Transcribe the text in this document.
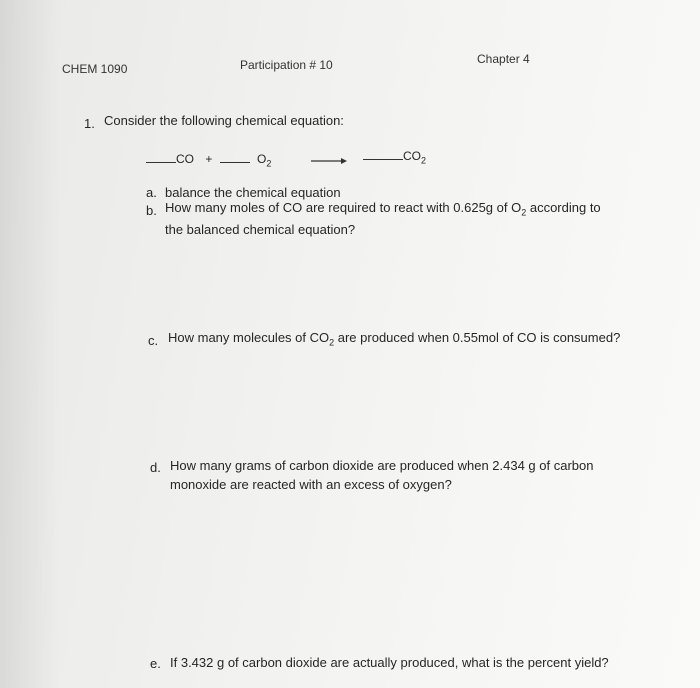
CHEM 1090	Participation # 10	Chapter 4
1. Consider the following chemical equation:
CO +	$O_2$
$CO_2$
a. balance the chemical equation
b. How many moles of CO are required to react with 0.625g of $O_2$ according to
the balanced chemical equation?
c. How many molecules of $CO_2$ are produced when 0.55mol of CO is consumed?
d. How many grams of carbon dioxide are produced when 2.434 g of carbon
monoxide are reacted with an excess of oxygen?
e. If 3.432 g of carbon dioxide are actually produced, what is the percent yield?
